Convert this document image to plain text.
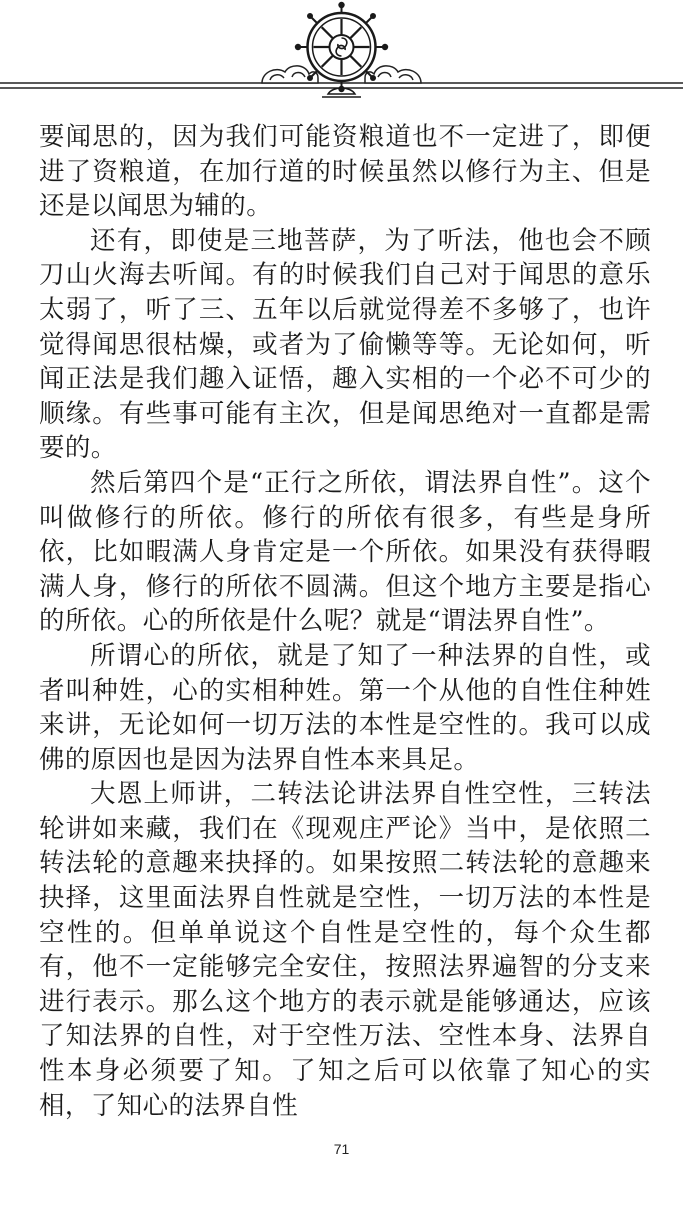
要闻思的，因为我们可能资粮道也不一定进了，即便进了资粮道，在加行道的时候虽然以修行为主、但是还是以闻思为辅的。

还有，即使是三地菩萨，为了听法，他也会不顾刀山火海去听闻。有的时候我们自己对于闻思的意乐太弱了，听了三、五年以后就觉得差不多够了，也许觉得闻思很枯燥，或者为了偷懒等等。无论如何，听闻正法是我们趣入证悟，趣入实相的一个必不可少的顺缘。有些事可能有主次，但是闻思绝对一直都是需要的。

然后第四个是“正行之所依，谓法界自性”。这个叫做修行的所依。修行的所依有很多，有些是身所依，比如暇满人身肯定是一个所依。如果没有获得暇满人身，修行的所依不圆满。但这个地方主要是指心的所依。心的所依是什么呢？就是“谓法界自性”。

所谓心的所依，就是了知了一种法界的自性，或者叫种姓，心的实相种姓。第一个从他的自性住种姓来讲，无论如何一切万法的本性是空性的。我可以成佛的原因也是因为法界自性本来具足。

大恩上师讲，二转法论讲法界自性空性，三转法轮讲如来藏，我们在《现观庄严论》当中，是依照二转法轮的意趣来抉择的。如果按照二转法轮的意趣来抉择，这里面法界自性就是空性，一切万法的本性是空性的。但单单说这个自性是空性的，每个众生都有，他不一定能够完全安住，按照法界遍智的分支来进行表示。那么这个地方的表示就是能够通达，应该了知法界的自性，对于空性万法、空性本身、法界自性本身必须要了知。了知之后可以依靠了知心的实相，了知心的法界自性

71
